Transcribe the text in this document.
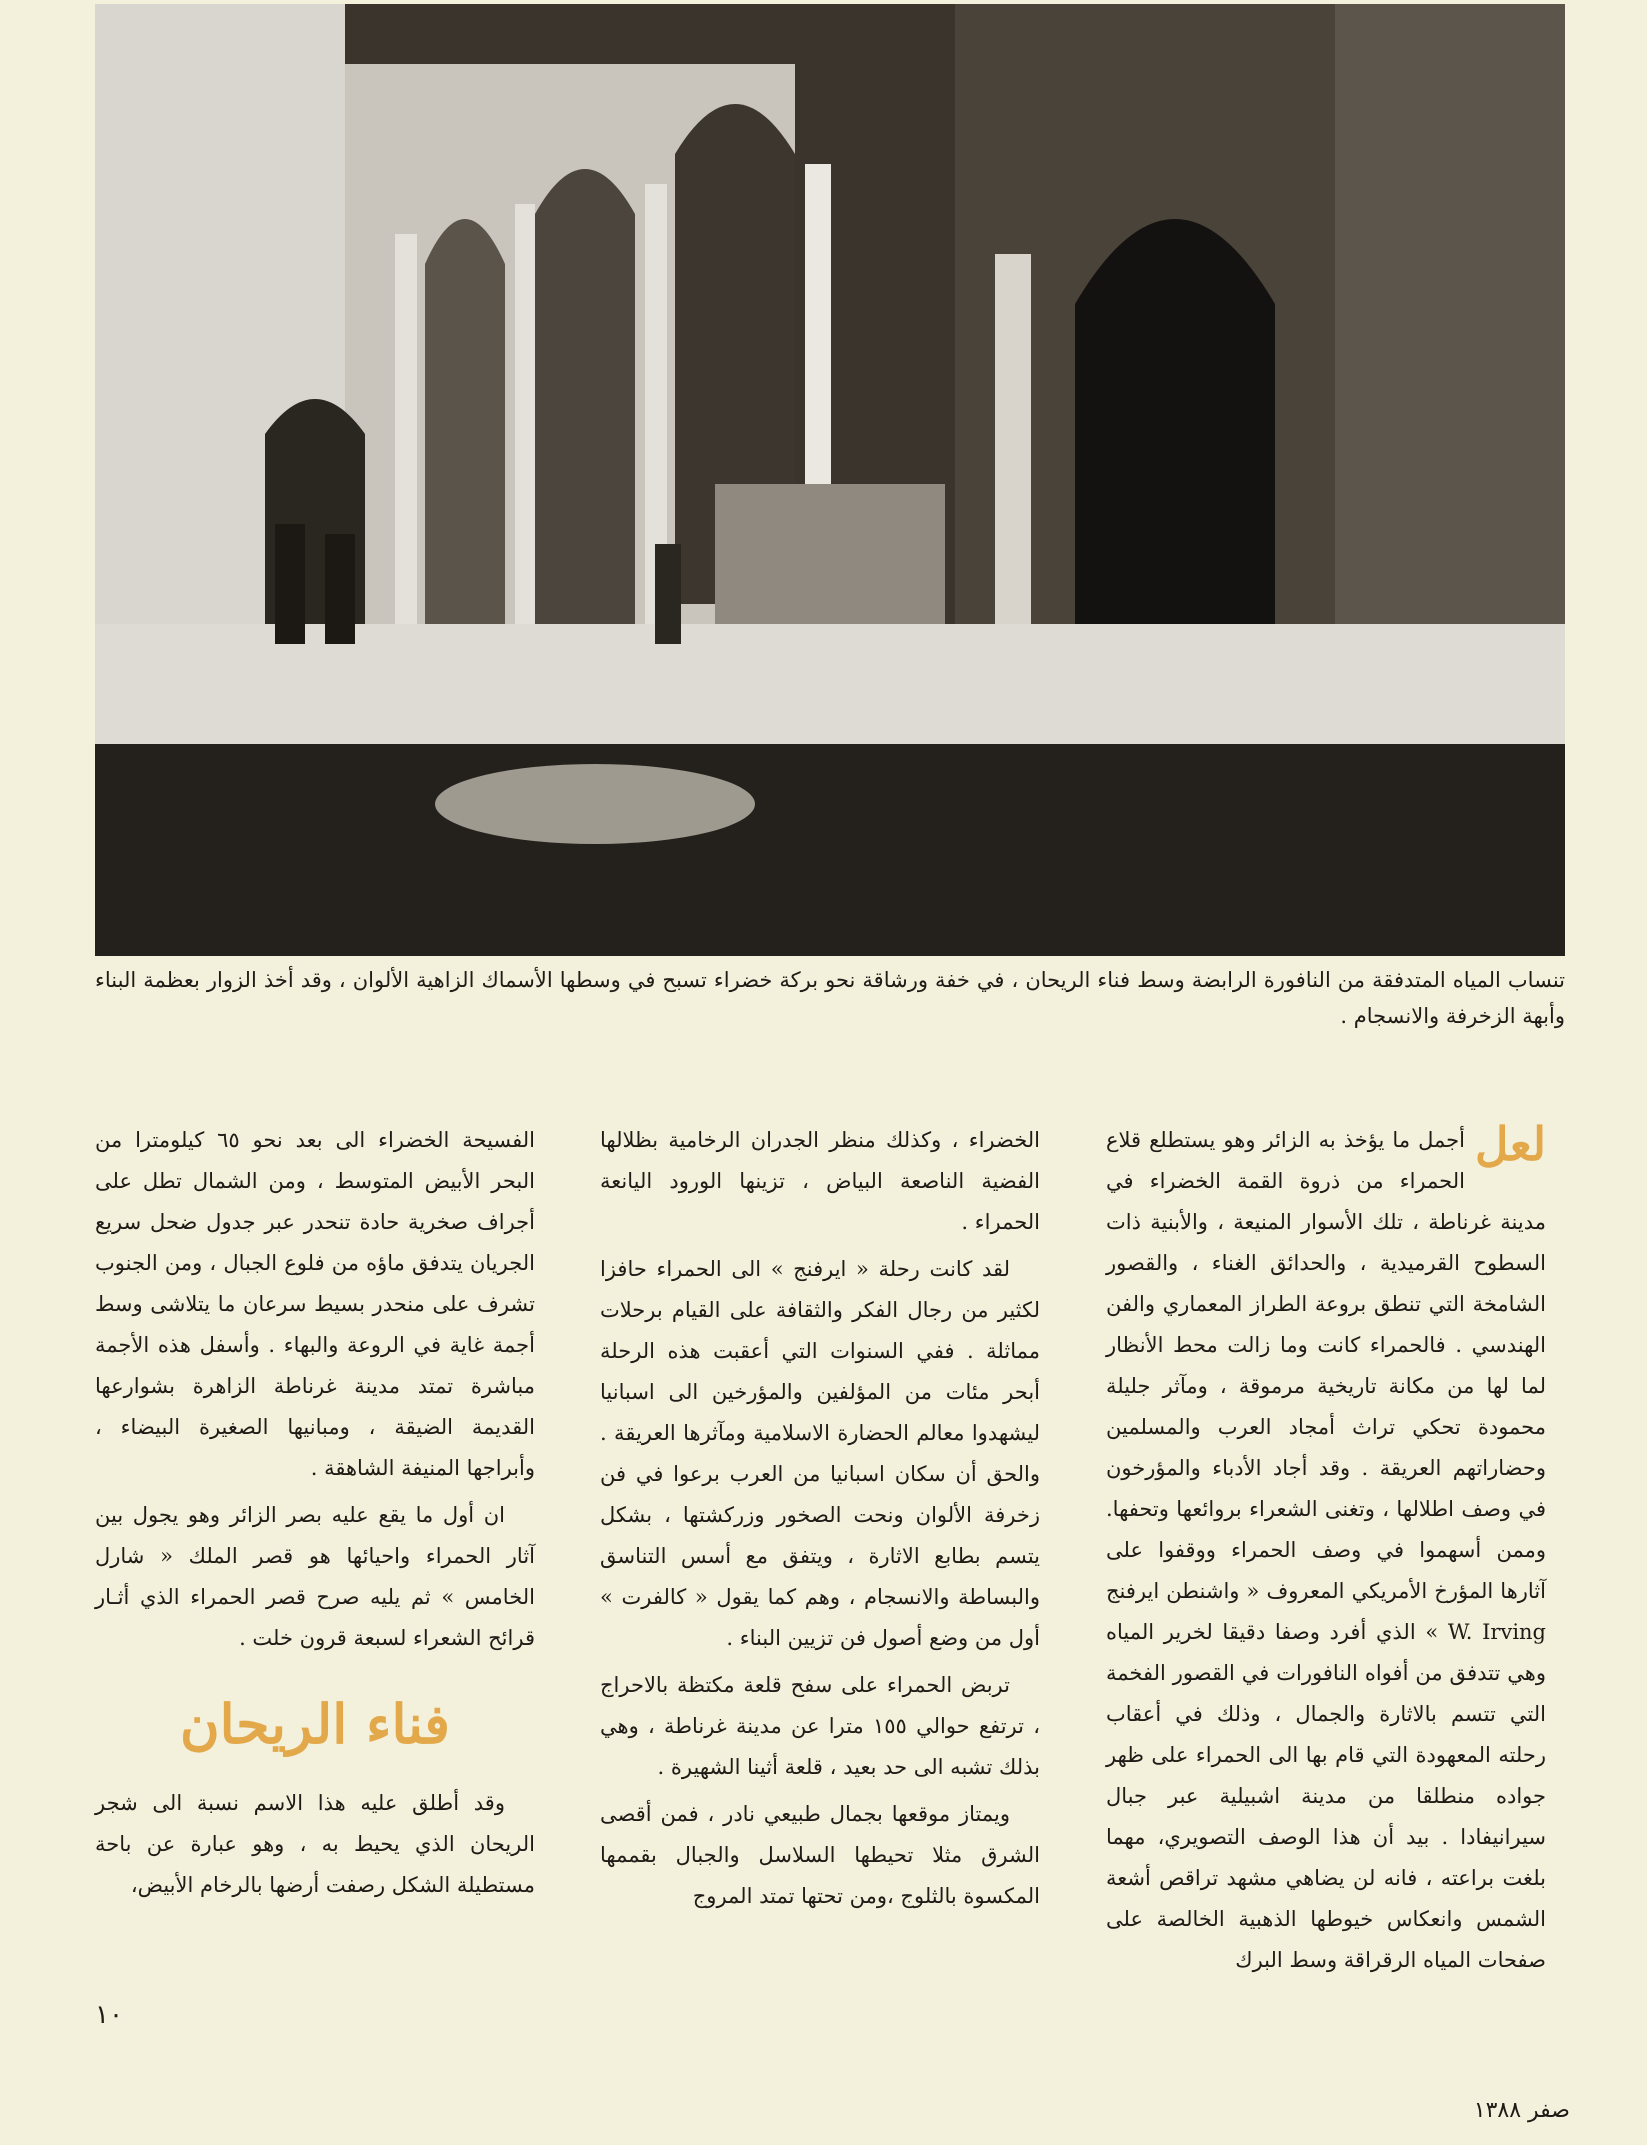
تنساب المياه المتدفقة من النافورة الرابضة وسط فناء الريحان ، في خفة ورشاقة نحو بركة خضراء تسبح في وسطها الأسماك الزاهية الألوان ، وقد أخذ الزوار بعظمة البناء وأبهة الزخرفة والانسجام .
لعل

أجمل ما يؤخذ به الزائر وهو يستطلع قلاع الحمراء من ذروة القمة الخضراء في مدينة غرناطة ، تلك الأسوار المنيعة ، والأبنية ذات السطوح القرميدية ، والحدائق الغناء ، والقصور الشامخة التي تنطق بروعة الطراز المعماري والفن الهندسي . فالحمراء كانت وما زالت محط الأنظار لما لها من مكانة تاريخية مرموقة ، ومآثر جليلة محمودة تحكي تراث أمجاد العرب والمسلمين وحضاراتهم العريقة . وقد أجاد الأدباء والمؤرخون في وصف اطلالها ، وتغنى الشعراء بروائعها وتحفها. وممن أسهموا في وصف الحمراء ووقفوا على آثارها المؤرخ الأمريكي المعروف « واشنطن ايرفنج W. Irving » الذي أفرد وصفا دقيقا لخرير المياه وهي تتدفق من أفواه النافورات في القصور الفخمة التي تتسم بالاثارة والجمال ، وذلك في أعقاب رحلته المعهودة التي قام بها الى الحمراء على ظهر جواده منطلقا من مدينة اشبيلية عبر جبال سيرانيفادا . بيد أن هذا الوصف التصويري، مهما بلغت براعته ، فانه لن يضاهي مشهد تراقص أشعة الشمس وانعكاس خيوطها الذهبية الخالصة على صفحات المياه الرقراقة وسط البرك

الخضراء ، وكذلك منظر الجدران الرخامية بظلالها الفضية الناصعة البياض ، تزينها الورود اليانعة الحمراء .

لقد كانت رحلة « ايرفنج » الى الحمراء حافزا لكثير من رجال الفكر والثقافة على القيام برحلات مماثلة . ففي السنوات التي أعقبت هذه الرحلة أبحر مئات من المؤلفين والمؤرخين الى اسبانيا ليشهدوا معالم الحضارة الاسلامية ومآثرها العريقة . والحق أن سكان اسبانيا من العرب برعوا في فن زخرفة الألوان ونحت الصخور وزركشتها ، بشكل يتسم بطابع الاثارة ، ويتفق مع أسس التناسق والبساطة والانسجام ، وهم كما يقول « كالفرت » أول من وضع أصول فن تزيين البناء .

تربض الحمراء على سفح قلعة مكتظة بالاحراج ، ترتفع حوالي ١٥٥ مترا عن مدينة غرناطة ، وهي بذلك تشبه الى حد بعيد ، قلعة أثينا الشهيرة .

ويمتاز موقعها بجمال طبيعي نادر ، فمن أقصى الشرق مثلا تحيطها السلاسل والجبال بقممها المكسوة بالثلوج ،ومن تحتها تمتد المروج

الفسيحة الخضراء الى بعد نحو ٦٥ كيلومترا من البحر الأبيض المتوسط ، ومن الشمال تطل على أجراف صخرية حادة تنحدر عبر جدول ضحل سريع الجريان يتدفق ماؤه من فلوع الجبال ، ومن الجنوب تشرف على منحدر بسيط سرعان ما يتلاشى وسط أجمة غاية في الروعة والبهاء . وأسفل هذه الأجمة مباشرة تمتد مدينة غرناطة الزاهرة بشوارعها القديمة الضيقة ، ومبانيها الصغيرة البيضاء ، وأبراجها المنيفة الشاهقة .

ان أول ما يقع عليه بصر الزائر وهو يجول بين آثار الحمراء واحيائها هو قصر الملك « شارل الخامس » ثم يليه صرح قصر الحمراء الذي أثـار قرائح الشعراء لسبعة قرون خلت .

فناء الريحان

وقد أطلق عليه هذا الاسم نسبة الى شجر الريحان الذي يحيط به ، وهو عبارة عن باحة مستطيلة الشكل رصفت أرضها بالرخام الأبيض،

١٠
صفر ١٣٨٨
